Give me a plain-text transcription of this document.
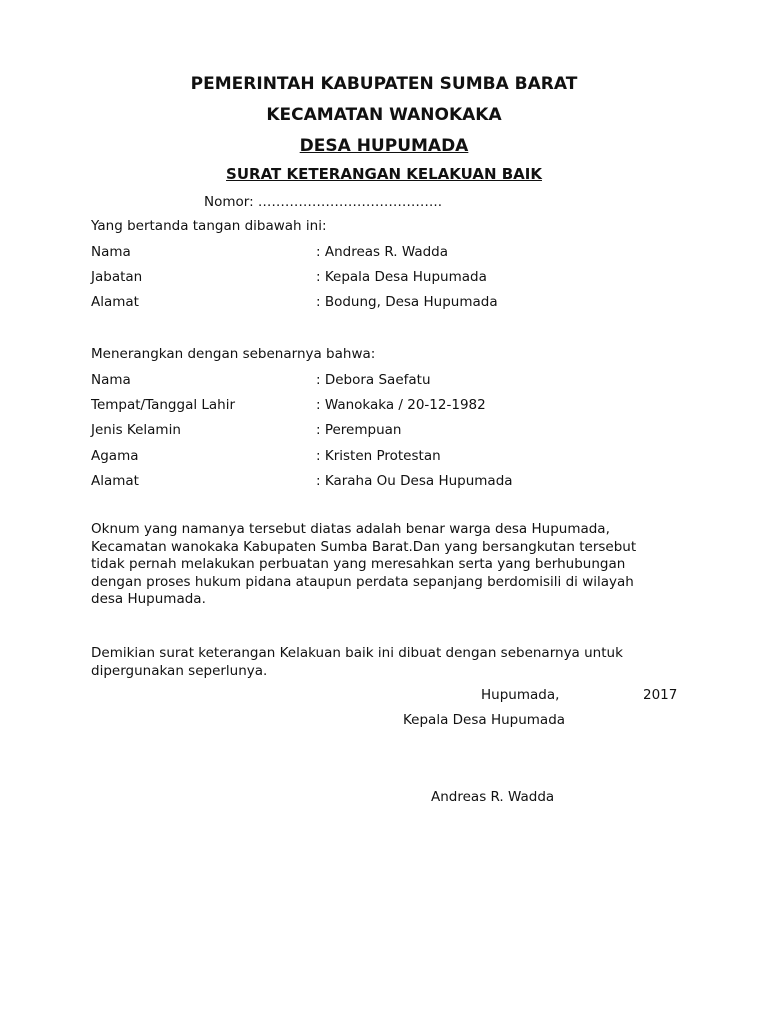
PEMERINTAH KABUPATEN SUMBA BARAT
KECAMATAN WANOKAKA
DESA HUPUMADA
SURAT KETERANGAN KELAKUAN BAIK
Nomor: …………………………………..
Yang bertanda tangan dibawah ini:
Nama	: Andreas R. Wadda
Jabatan	: Kepala Desa Hupumada
Alamat	: Bodung, Desa Hupumada
Menerangkan dengan sebenarnya bahwa:
Nama	: Debora Saefatu
Tempat/Tanggal Lahir	: Wanokaka / 20-12-1982
Jenis Kelamin	: Perempuan
Agama	: Kristen Protestan
Alamat	: Karaha Ou Desa Hupumada
Oknum yang namanya tersebut diatas adalah benar warga desa Hupumada,
Kecamatan wanokaka Kabupaten Sumba Barat.Dan yang bersangkutan tersebut
tidak pernah melakukan perbuatan yang meresahkan serta yang berhubungan
dengan proses hukum pidana ataupun perdata sepanjang berdomisili di wilayah
desa Hupumada.
Demikian surat keterangan Kelakuan baik ini dibuat dengan sebenarnya untuk
dipergunakan seperlunya.
Hupumada,	2017
Kepala Desa Hupumada
Andreas R. Wadda
